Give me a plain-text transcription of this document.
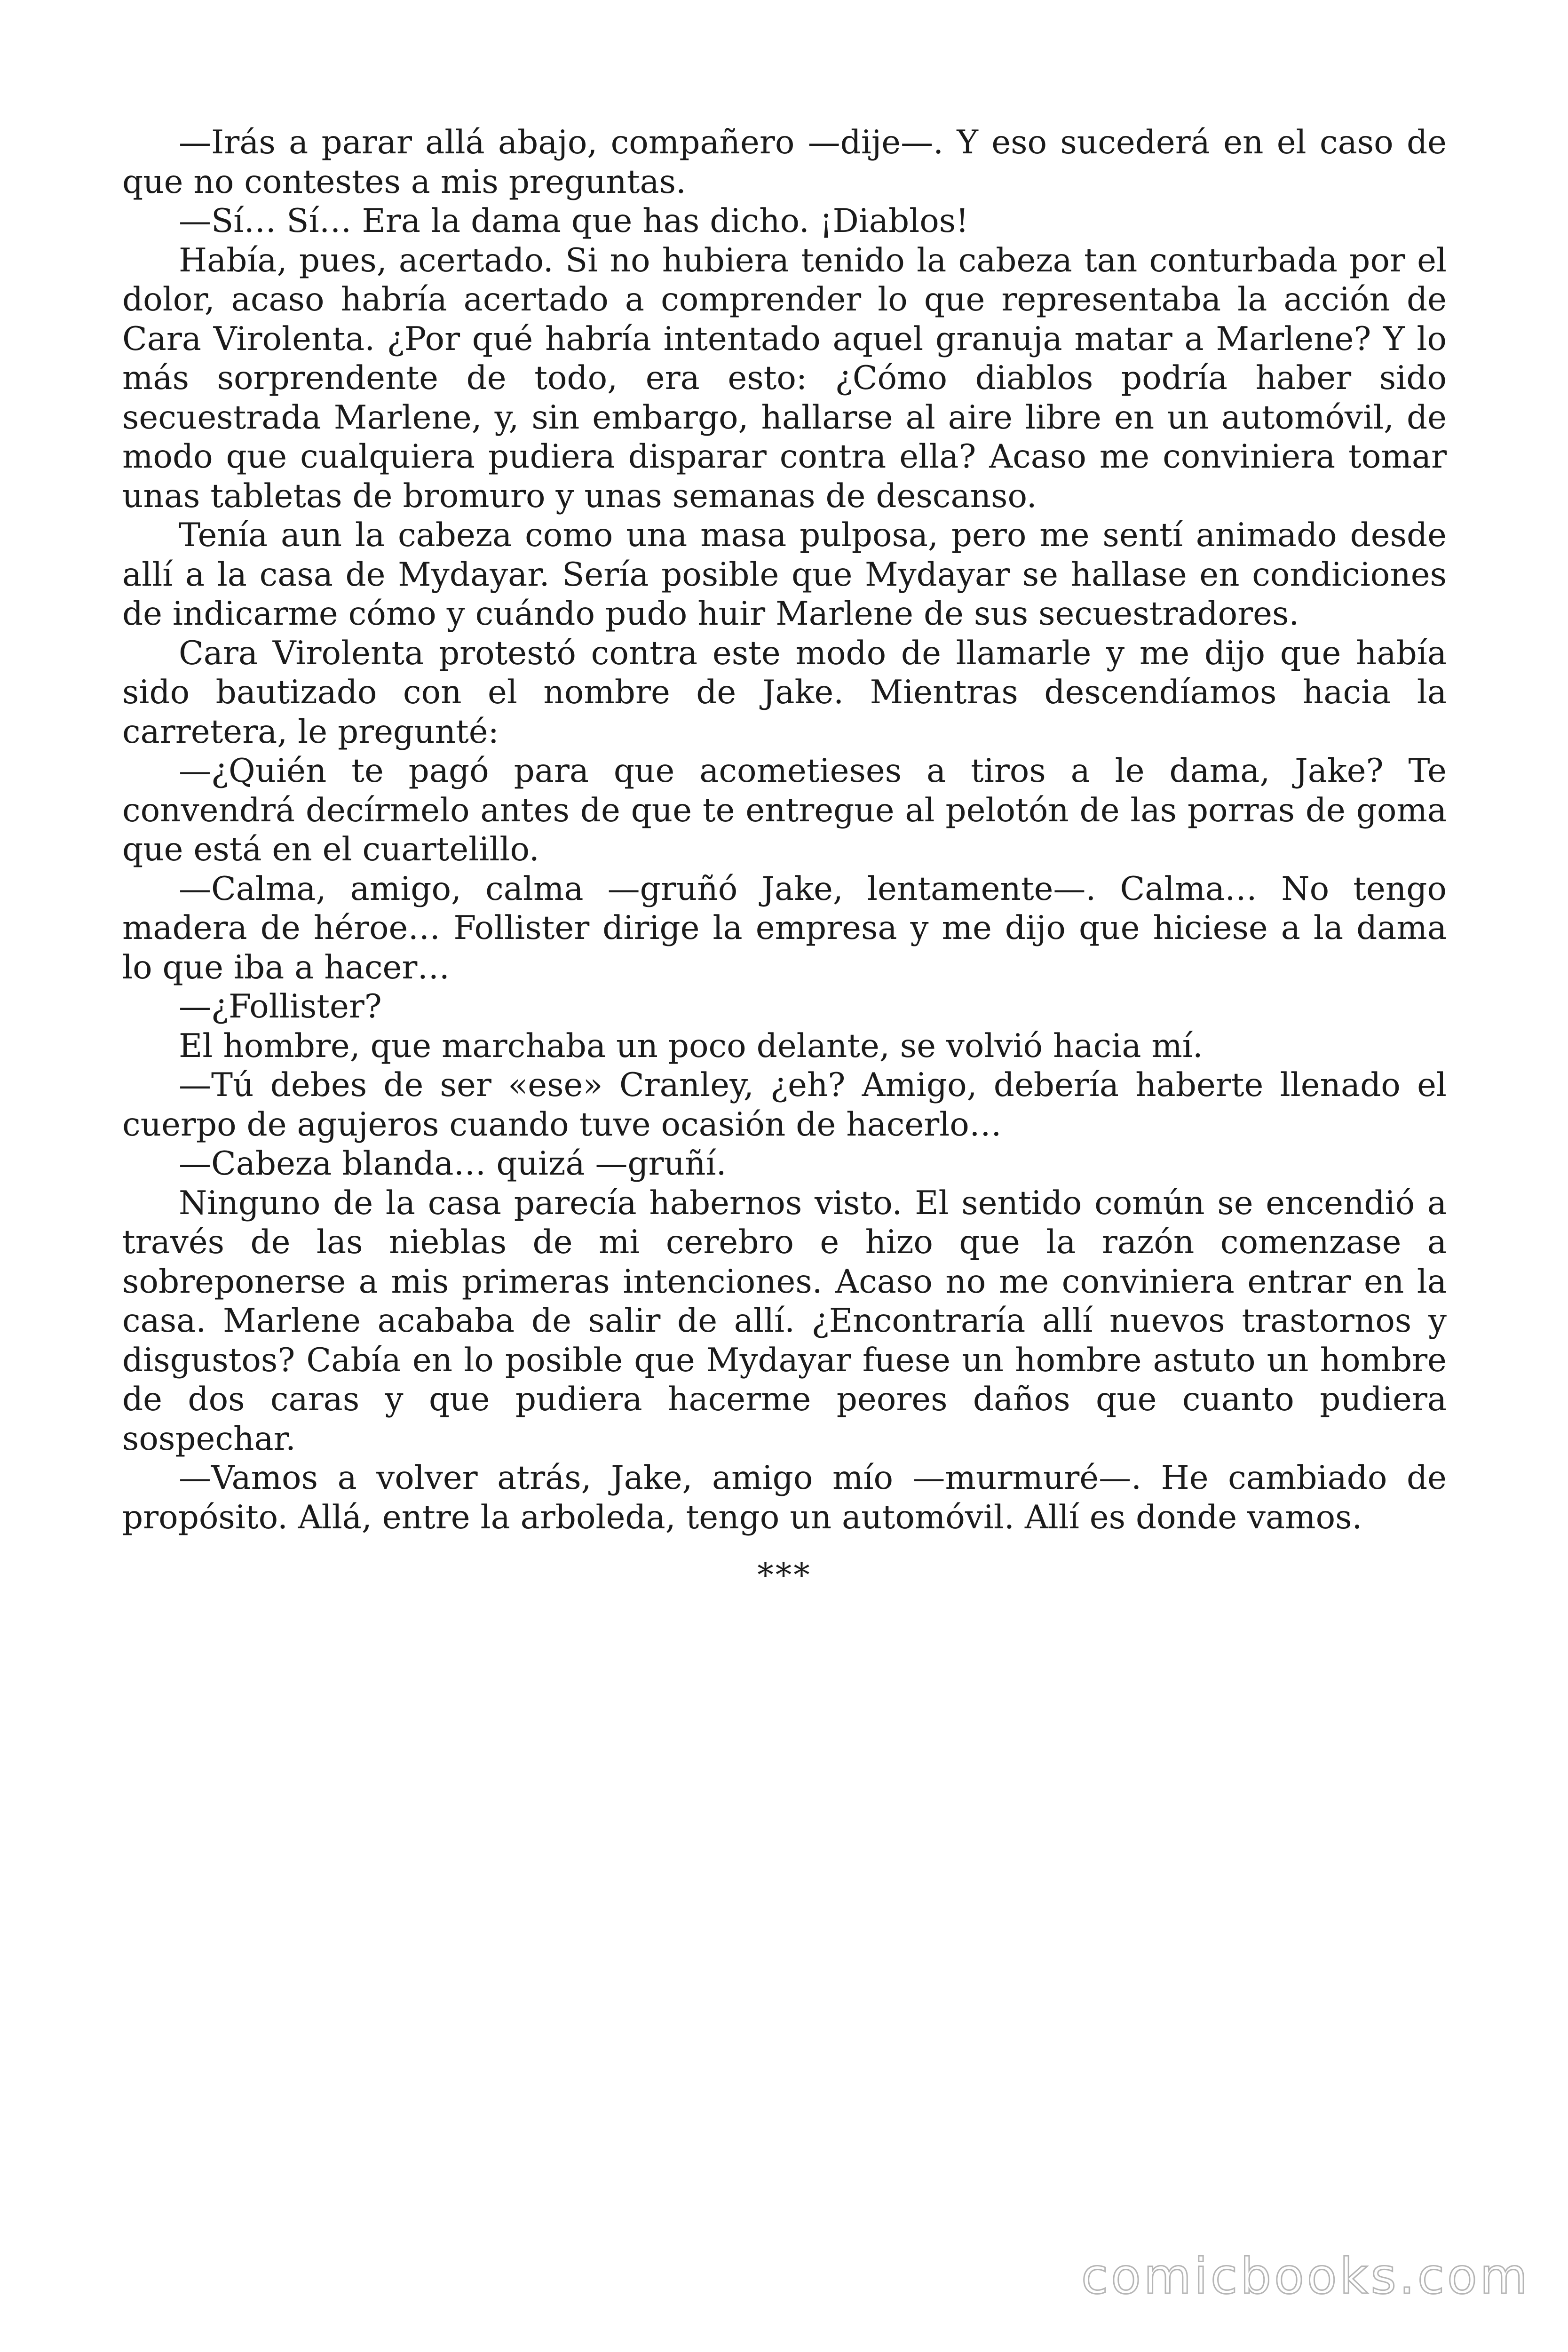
—Irás a parar allá abajo, compañero —dije—. Y eso sucederá en el caso de que no contestes a mis preguntas.

—Sí… Sí… Era la dama que has dicho. ¡Diablos!

Había, pues, acertado. Si no hubiera tenido la cabeza tan conturbada por el dolor, acaso habría acertado a comprender lo que representaba la acción de Cara Virolenta. ¿Por qué habría intentado aquel granuja matar a Marlene? Y lo más sorprendente de todo, era esto: ¿Cómo diablos podría haber sido secuestrada Marlene, y, sin embargo, hallarse al aire libre en un automóvil, de modo que cualquiera pudiera disparar contra ella? Acaso me conviniera tomar unas tabletas de bromuro y unas semanas de descanso.

Tenía aun la cabeza como una masa pulposa, pero me sentí animado desde allí a la casa de Mydayar. Sería posible que Mydayar se hallase en condiciones de indicarme cómo y cuándo pudo huir Marlene de sus secuestradores.

Cara Virolenta protestó contra este modo de llamarle y me dijo que había sido bautizado con el nombre de Jake. Mientras descendíamos hacia la carretera, le pregunté:

—¿Quién te pagó para que acometieses a tiros a le dama, Jake? Te convendrá decírmelo antes de que te entregue al pelotón de las porras de goma que está en el cuartelillo.

—Calma, amigo, calma —gruñó Jake, lentamente—. Calma… No tengo madera de héroe… Follister dirige la empresa y me dijo que hiciese a la dama lo que iba a hacer…

—¿Follister?

El hombre, que marchaba un poco delante, se volvió hacia mí.

—Tú debes de ser «ese» Cranley, ¿eh? Amigo, debería haberte llenado el cuerpo de agujeros cuando tuve ocasión de hacerlo…

—Cabeza blanda… quizá —gruñí.

Ninguno de la casa parecía habernos visto. El sentido común se encendió a través de las nieblas de mi cerebro e hizo que la razón comenzase a sobreponerse a mis primeras intenciones. Acaso no me conviniera entrar en la casa. Marlene acababa de salir de allí. ¿Encontraría allí nuevos trastornos y disgustos? Cabía en lo posible que Mydayar fuese un hombre astuto un hombre de dos caras y que pudiera hacerme peores daños que cuanto pudiera sospechar.

—Vamos a volver atrás, Jake, amigo mío —murmuré—. He cambiado de propósito. Allá, entre la arboleda, tengo un automóvil. Allí es donde vamos.

***
comicbooks.com
